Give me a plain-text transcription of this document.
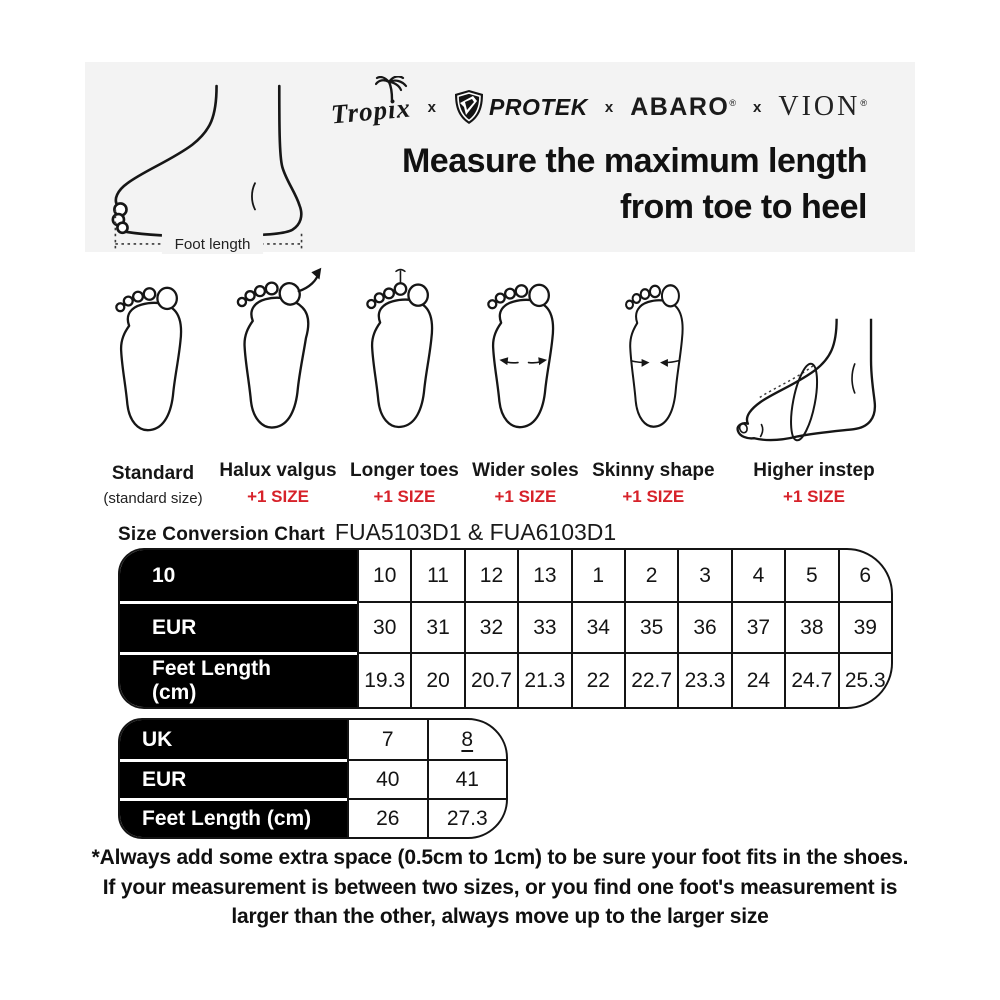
Foot length
Tropix x PROTEK x ABARO ® x VION ®
Measure the maximum length
from toe to heel
Standard
(standard size)
Halux valgus
+1 SIZE
Longer toes
+1 SIZE
Wider soles
+1 SIZE
Skinny shape
+1 SIZE
Higher instep
+1 SIZE
Size Conversion Chart FUA5103D1 & FUA6103D1
10	10	11	12	13	1	2	3	4	5	6
EUR	30	31	32	33	34	35	36	37	38	39
Feet Length (cm)	19.3	20	20.7	21.3	22	22.7	23.3	24	24.7	25.3
UK	7	8
EUR	40	41
Feet Length (cm)	26	27.3
*Always add some extra space (0.5cm to 1cm) to be sure your foot fits in the shoes.
If your measurement is between two sizes, or you find one foot's measurement is
larger than the other, always move up to the larger size
